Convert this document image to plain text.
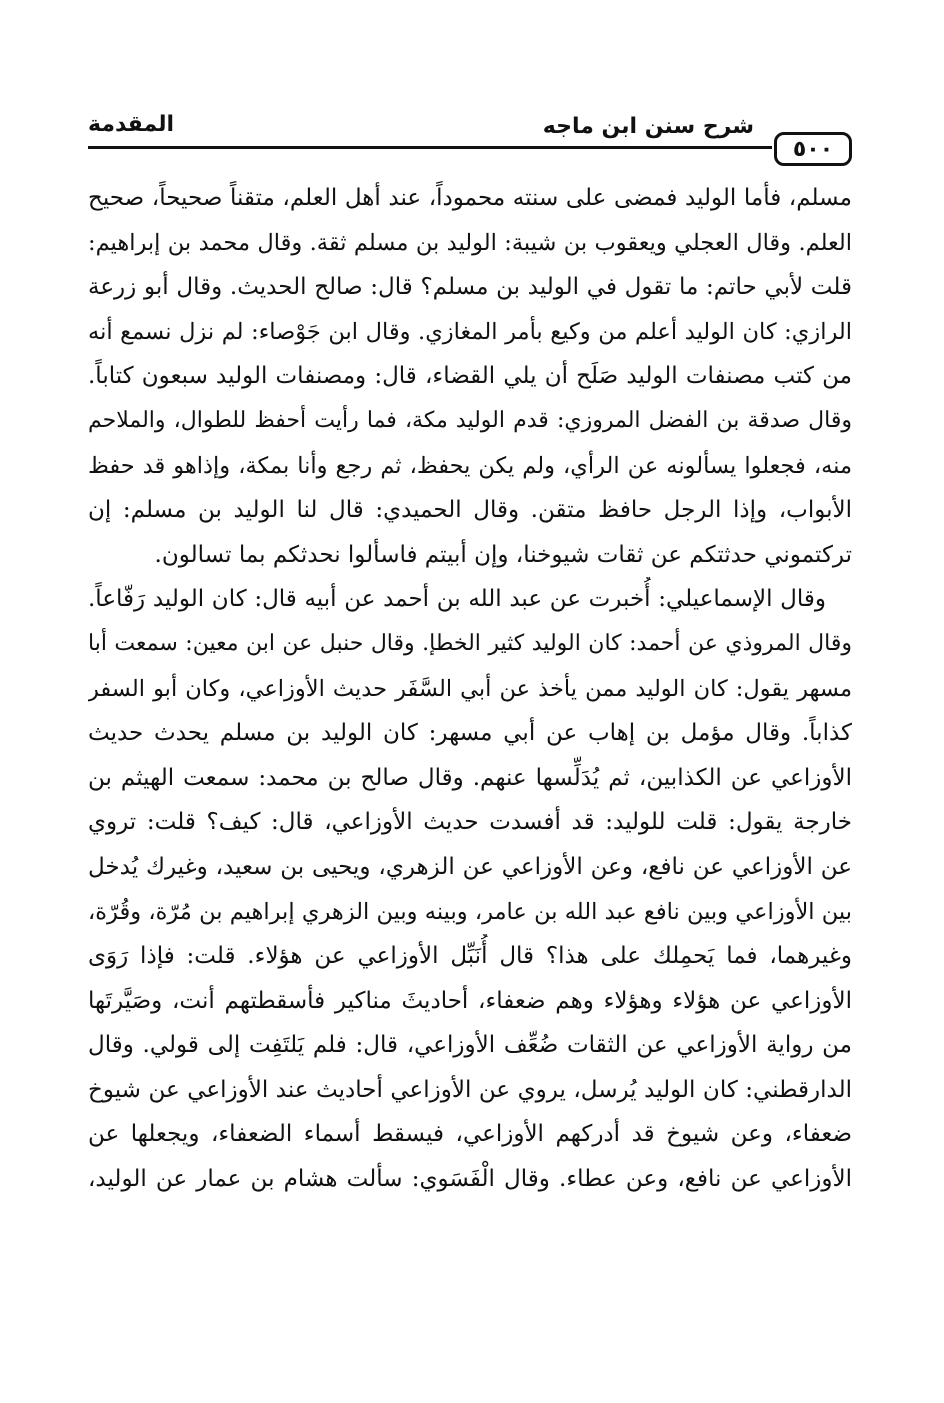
المقدمة	شرح سنن ابن ماجه
٥٠٠
مسلم، فأما الوليد فمضى على سنته محموداً، عند أهل العلم، متقناً صحيحاً، صحيح
العلم. وقال العجلي ويعقوب بن شيبة: الوليد بن مسلم ثقة. وقال محمد بن إبراهيم:
قلت لأبي حاتم: ما تقول في الوليد بن مسلم؟ قال: صالح الحديث. وقال أبو زرعة
الرازي: كان الوليد أعلم من وكيع بأمر المغازي. وقال ابن جَوْصاء: لم نزل نسمع أنه
من كتب مصنفات الوليد صَلَح أن يلي القضاء، قال: ومصنفات الوليد سبعون كتاباً.
وقال صدقة بن الفضل المروزي: قدم الوليد مكة، فما رأيت أحفظ للطوال، والملاحم
منه، فجعلوا يسألونه عن الرأي، ولم يكن يحفظ، ثم رجع وأنا بمكة، وإذاهو قد حفظ
الأبواب، وإذا الرجل حافظ متقن. وقال الحميدي: قال لنا الوليد بن مسلم: إن
تركتموني حدثتكم عن ثقات شيوخنا، وإن أبيتم فاسألوا نحدثكم بما تسالون.
وقال الإسماعيلي: أُخبرت عن عبد الله بن أحمد عن أبيه قال: كان الوليد رَفّاعاً.
وقال المروذي عن أحمد: كان الوليد كثير الخطإ. وقال حنبل عن ابن معين: سمعت أبا
مسهر يقول: كان الوليد ممن يأخذ عن أبي السَّفَر حديث الأوزاعي، وكان أبو السفر
كذاباً. وقال مؤمل بن إهاب عن أبي مسهر: كان الوليد بن مسلم يحدث حديث
الأوزاعي عن الكذابين، ثم يُدَلِّسها عنهم. وقال صالح بن محمد: سمعت الهيثم بن
خارجة يقول: قلت للوليد: قد أفسدت حديث الأوزاعي، قال: كيف؟ قلت: تروي
عن الأوزاعي عن نافع، وعن الأوزاعي عن الزهري، ويحيى بن سعيد، وغيرك يُدخل
بين الأوزاعي وبين نافع عبد الله بن عامر، وبينه وبين الزهري إبراهيم بن مُرّة، وقُرّة،
وغيرهما، فما يَحمِلك على هذا؟ قال أُنَبِّل الأوزاعي عن هؤلاء. قلت: فإذا رَوَى
الأوزاعي عن هؤلاء وهؤلاء وهم ضعفاء، أحاديثَ مناكير فأسقطتهم أنت، وصَيَّرتَها
من رواية الأوزاعي عن الثقات ضُعِّف الأوزاعي، قال: فلم يَلتَفِت إلى قولي. وقال
الدارقطني: كان الوليد يُرسل، يروي عن الأوزاعي أحاديث عند الأوزاعي عن شيوخ
ضعفاء، وعن شيوخ قد أدركهم الأوزاعي، فيسقط أسماء الضعفاء، ويجعلها عن
الأوزاعي عن نافع، وعن عطاء. وقال الْفَسَوي: سألت هشام بن عمار عن الوليد،
